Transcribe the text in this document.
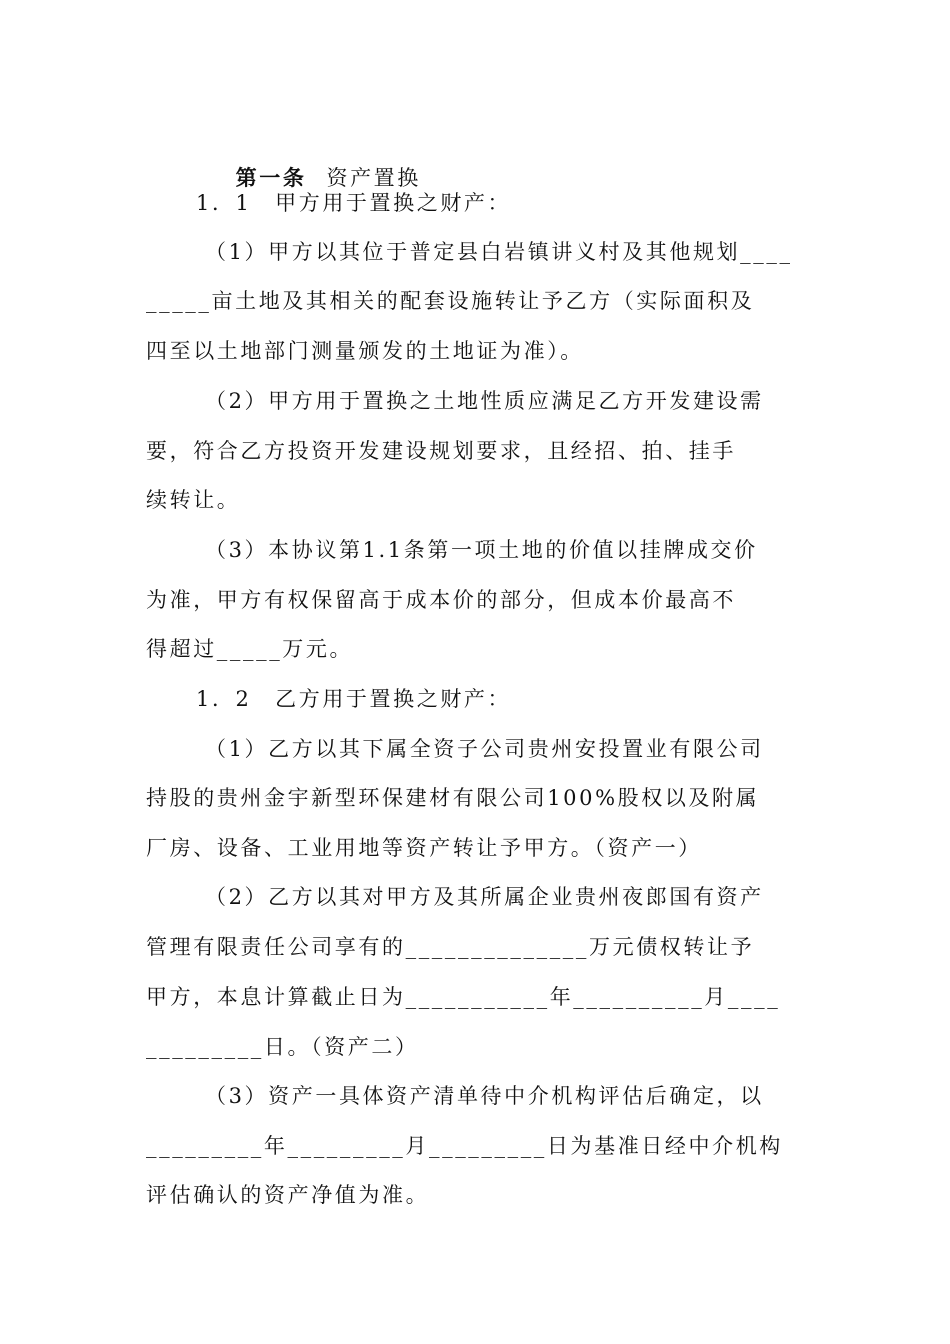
第一条 资产置换

1．1　甲方用于置换之财产：
（1）甲方以其位于普定县白岩镇讲义村及其他规划____
_____亩土地及其相关的配套设施转让予乙方（实际面积及
四至以土地部门测量颁发的土地证为准）。
（2）甲方用于置换之土地性质应满足乙方开发建设需
要，符合乙方投资开发建设规划要求，且经招、拍、挂手
续转让。
（3）本协议第1.1条第一项土地的价值以挂牌成交价
为准，甲方有权保留高于成本价的部分，但成本价最高不
得超过_____万元。
1．2　乙方用于置换之财产：
（1）乙方以其下属全资子公司贵州安投置业有限公司
持股的贵州金宇新型环保建材有限公司100%股权以及附属
厂房、设备、工业用地等资产转让予甲方。（资产一）
（2）乙方以其对甲方及其所属企业贵州夜郎国有资产
管理有限责任公司享有的______________万元债权转让予
甲方，本息计算截止日为___________年__________月____
_________日。（资产二）
（3）资产一具体资产清单待中介机构评估后确定，以
_________年_________月_________日为基准日经中介机构
评估确认的资产净值为准。
